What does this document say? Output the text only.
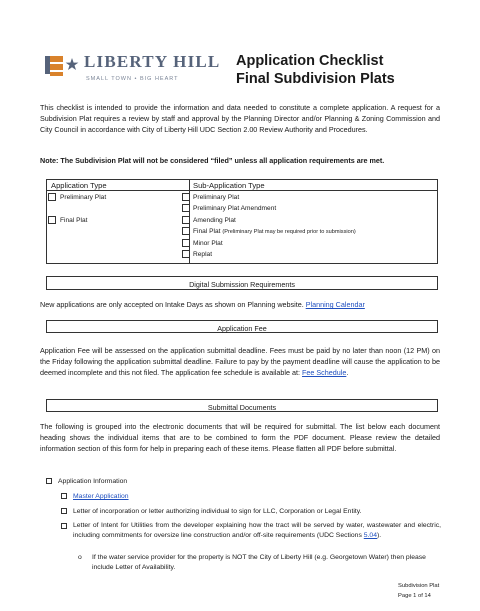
LIBERTY HILL
SMALL TOWN • BIG HEART
Application Checklist
Final Subdivision Plats
This checklist is intended to provide the information and data needed to constitute a complete application. A request for a Subdivision Plat requires a review by staff and approval by the Planning Director and/or Planning & Zoning Commission and City Council in accordance with City of Liberty Hill UDC Section 2.00 Review Authority and Procedures.
Note: The Subdivision Plat will not be considered “filed” unless all application requirements are met.
Application Type	Sub-Application Type
Preliminary Plat
Final Plat
Preliminary Plat
Preliminary Plat Amendment
Amending Plat
Final Plat (Preliminary Plat may be required prior to submission)
Minor Plat
Replat
Digital Submission Requirements
New applications are only accepted on Intake Days as shown on Planning website. Planning Calendar
Application Fee
Application Fee will be assessed on the application submittal deadline. Fees must be paid by no later than noon (12 PM) on the Friday following the application submittal deadline. Failure to pay by the payment deadline will cause the application to be deemed incomplete and this not filed. The application fee schedule is available at: Fee Schedule.
Submittal Documents
The following is grouped into the electronic documents that will be required for submittal. The list below each document heading shows the individual items that are to be combined to form the PDF document. Please review the detailed information section of this form for help in preparing each of these items. Please flatten all PDF before submittal.
Application Information
Master Application
Letter of incorporation or letter authorizing individual to sign for LLC, Corporation or Legal Entity.
Letter of Intent for Utilities from the developer explaining how the tract will be served by water, wastewater and electric, including commitments for oversize line construction and/or off-site requirements (UDC Sections 5.04).
o	If the water service provider for the property is NOT the City of Liberty Hill (e.g. Georgetown Water) then please include Letter of Availability.
Subdivision Plat
Page 1 of 14
